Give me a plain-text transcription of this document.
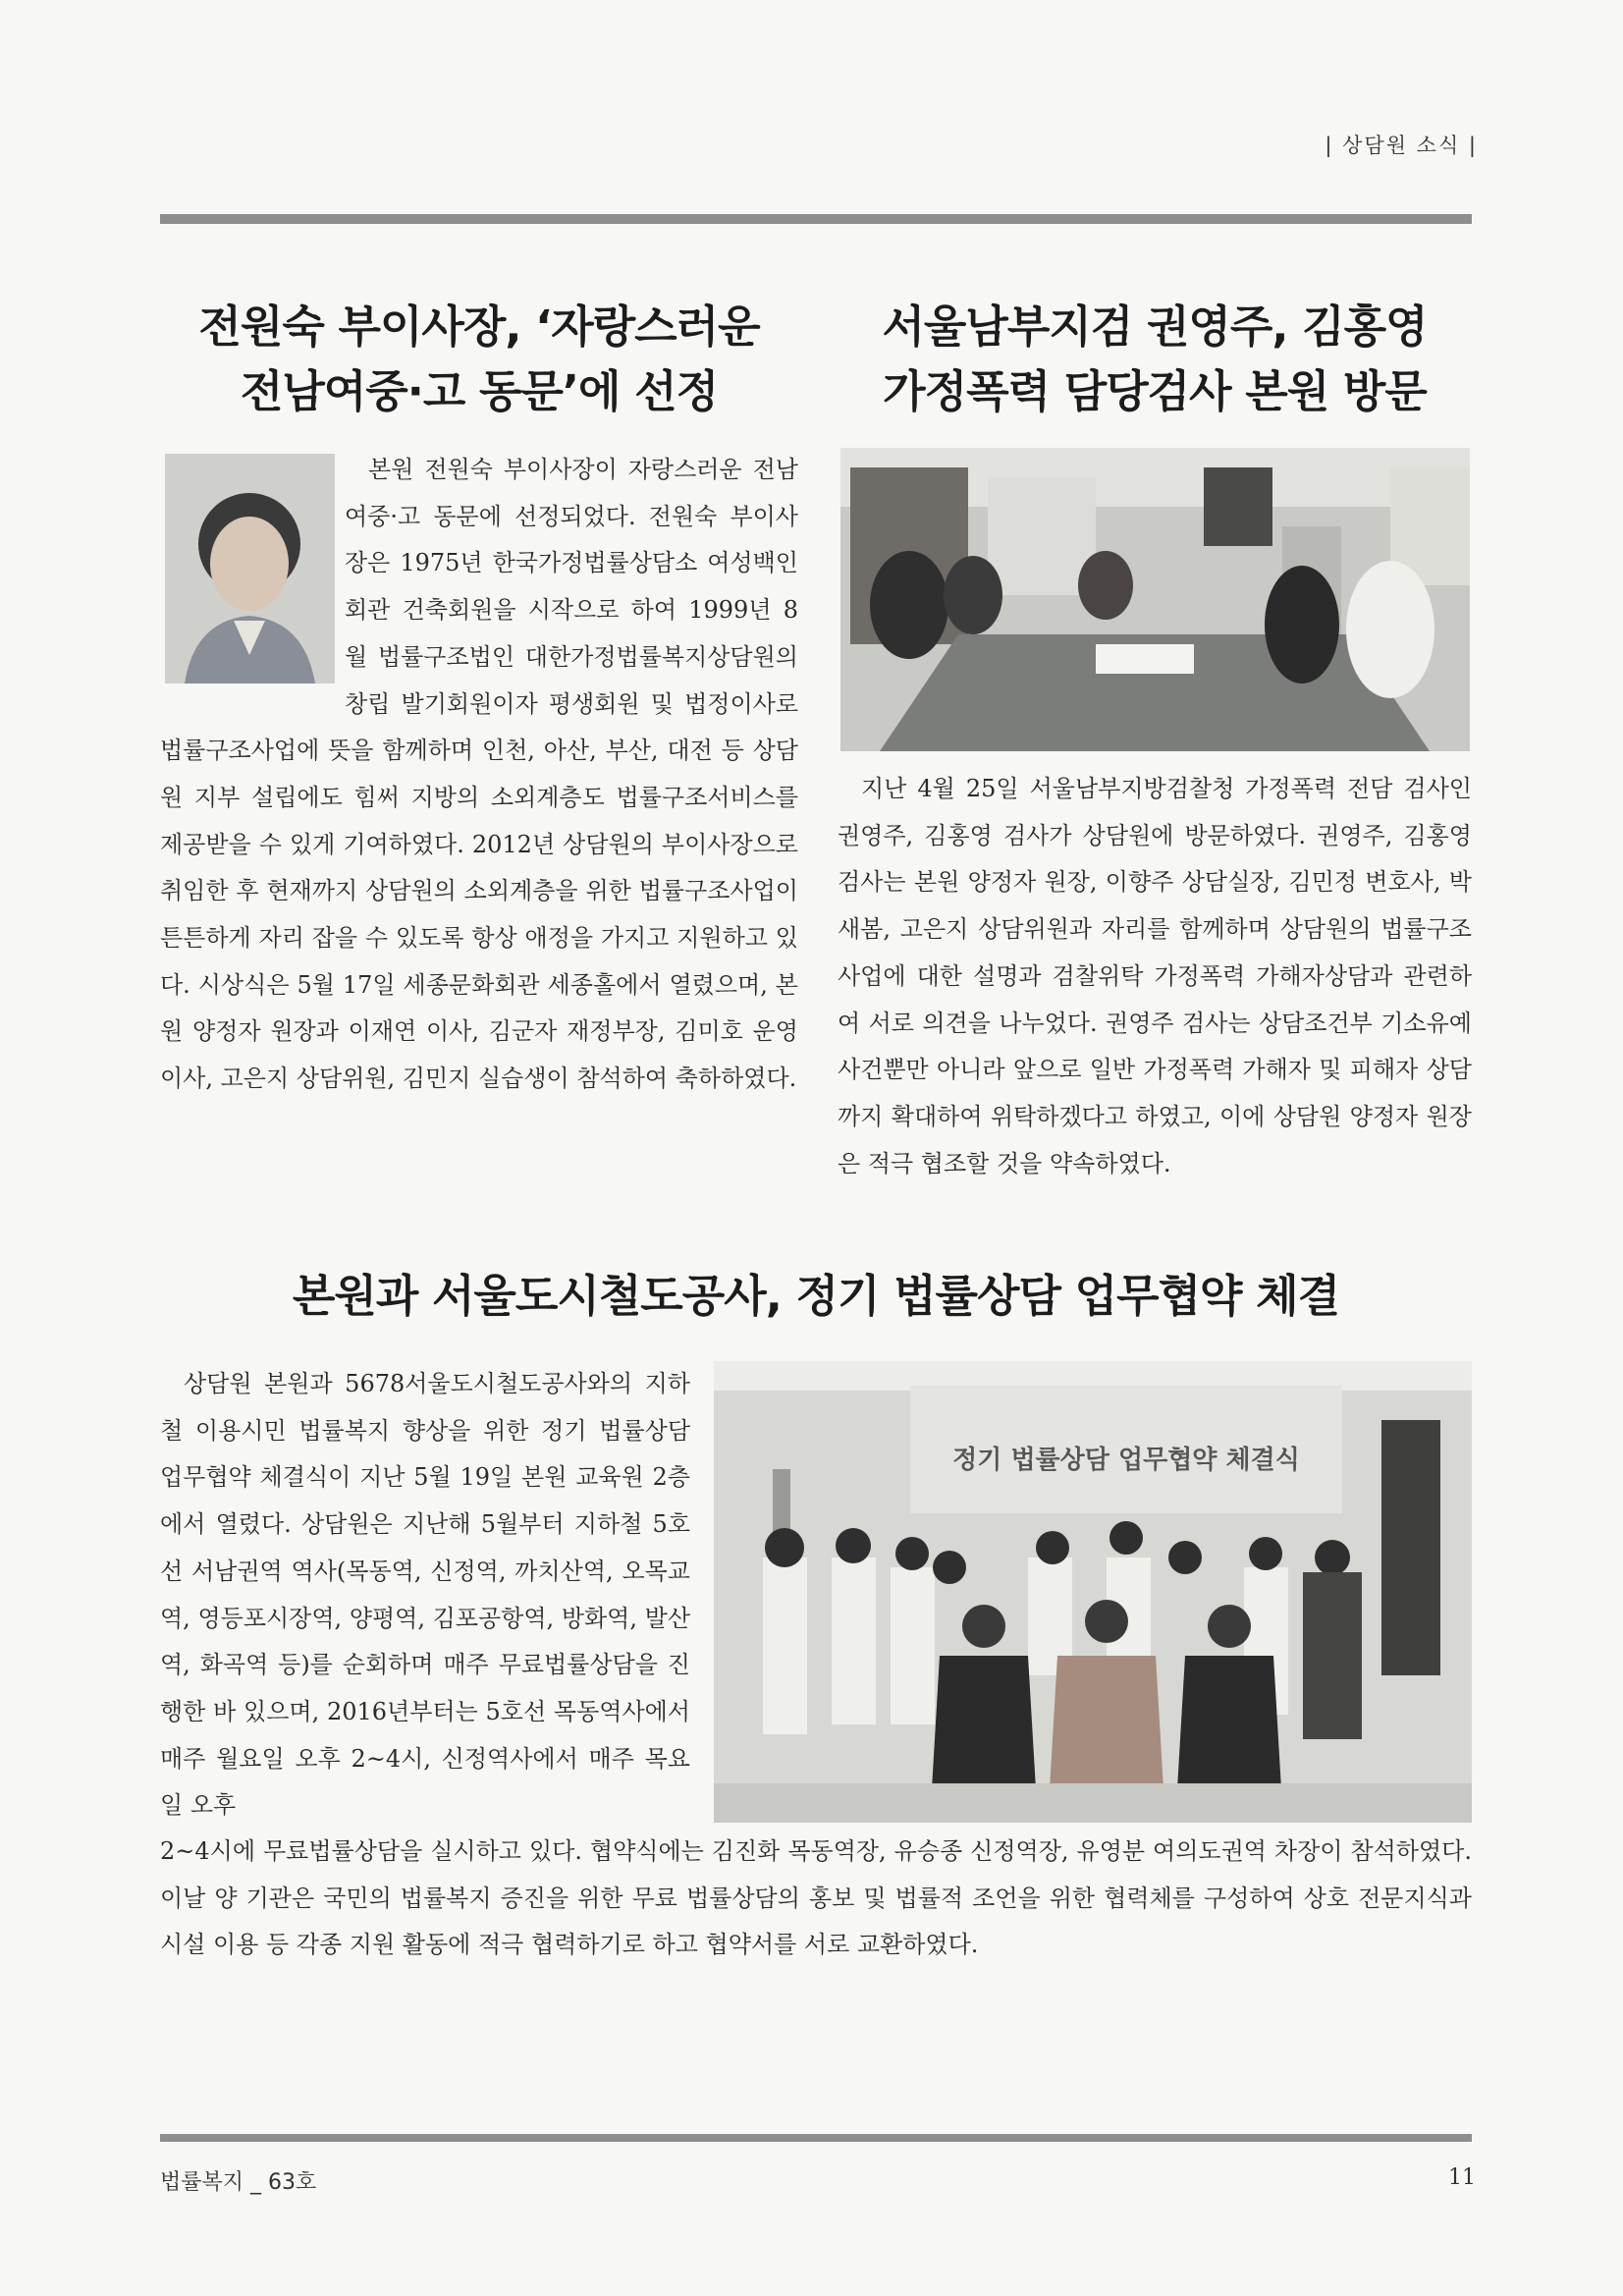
| 상담원 소식 |
전원숙 부이사장, ‘자랑스러운
전남여중·고 동문’에 선정

본원 전원숙 부이사장이 자랑스러운 전남여중·고 동문에 선정되었다. 전원숙 부이사장은 1975년 한국가정법률상담소 여성백인회관 건축회원을 시작으로 하여 1999년 8월 법률구조법인 대한가정법률복지상담원의 창립 발기회원이자 평생회원 및 법정이사로 법률구조사업에 뜻을 함께하며 인천, 아산, 부산, 대전 등 상담원 지부 설립에도 힘써 지방의 소외계층도 법률구조서비스를 제공받을 수 있게 기여하였다. 2012년 상담원의 부이사장으로 취임한 후 현재까지 상담원의 소외계층을 위한 법률구조사업이 튼튼하게 자리 잡을 수 있도록 항상 애정을 가지고 지원하고 있다. 시상식은 5월 17일 세종문화회관 세종홀에서 열렸으며, 본원 양정자 원장과 이재연 이사, 김군자 재정부장, 김미호 운영이사, 고은지 상담위원, 김민지 실습생이 참석하여 축하하였다.

서울남부지검 권영주, 김홍영
가정폭력 담당검사 본원 방문

지난 4월 25일 서울남부지방검찰청 가정폭력 전담 검사인 권영주, 김홍영 검사가 상담원에 방문하였다. 권영주, 김홍영 검사는 본원 양정자 원장, 이향주 상담실장, 김민정 변호사, 박새봄, 고은지 상담위원과 자리를 함께하며 상담원의 법률구조사업에 대한 설명과 검찰위탁 가정폭력 가해자상담과 관련하여 서로 의견을 나누었다. 권영주 검사는 상담조건부 기소유예 사건뿐만 아니라 앞으로 일반 가정폭력 가해자 및 피해자 상담까지 확대하여 위탁하겠다고 하였고, 이에 상담원 양정자 원장은 적극 협조할 것을 약속하였다.

본원과 서울도시철도공사, 정기 법률상담 업무협약 체결
정기 법률상담 업무협약 체결식

상담원 본원과 5678서울도시철도공사와의 지하철 이용시민 법률복지 향상을 위한 정기 법률상담 업무협약 체결식이 지난 5월 19일 본원 교육원 2층에서 열렸다. 상담원은 지난해 5월부터 지하철 5호선 서남권역 역사(목동역, 신정역, 까치산역, 오목교역, 영등포시장역, 양평역, 김포공항역, 방화역, 발산역, 화곡역 등)를 순회하며 매주 무료법률상담을 진행한 바 있으며, 2016년부터는 5호선 목동역사에서 매주 월요일 오후 2~4시, 신정역사에서 매주 목요일 오후

2~4시에 무료법률상담을 실시하고 있다. 협약식에는 김진화 목동역장, 유승종 신정역장, 유영분 여의도권역 차장이 참석하였다. 이날 양 기관은 국민의 법률복지 증진을 위한 무료 법률상담의 홍보 및 법률적 조언을 위한 협력체를 구성하여 상호 전문지식과 시설 이용 등 각종 지원 활동에 적극 협력하기로 하고 협약서를 서로 교환하였다.

법률복지 _ 63호	11
